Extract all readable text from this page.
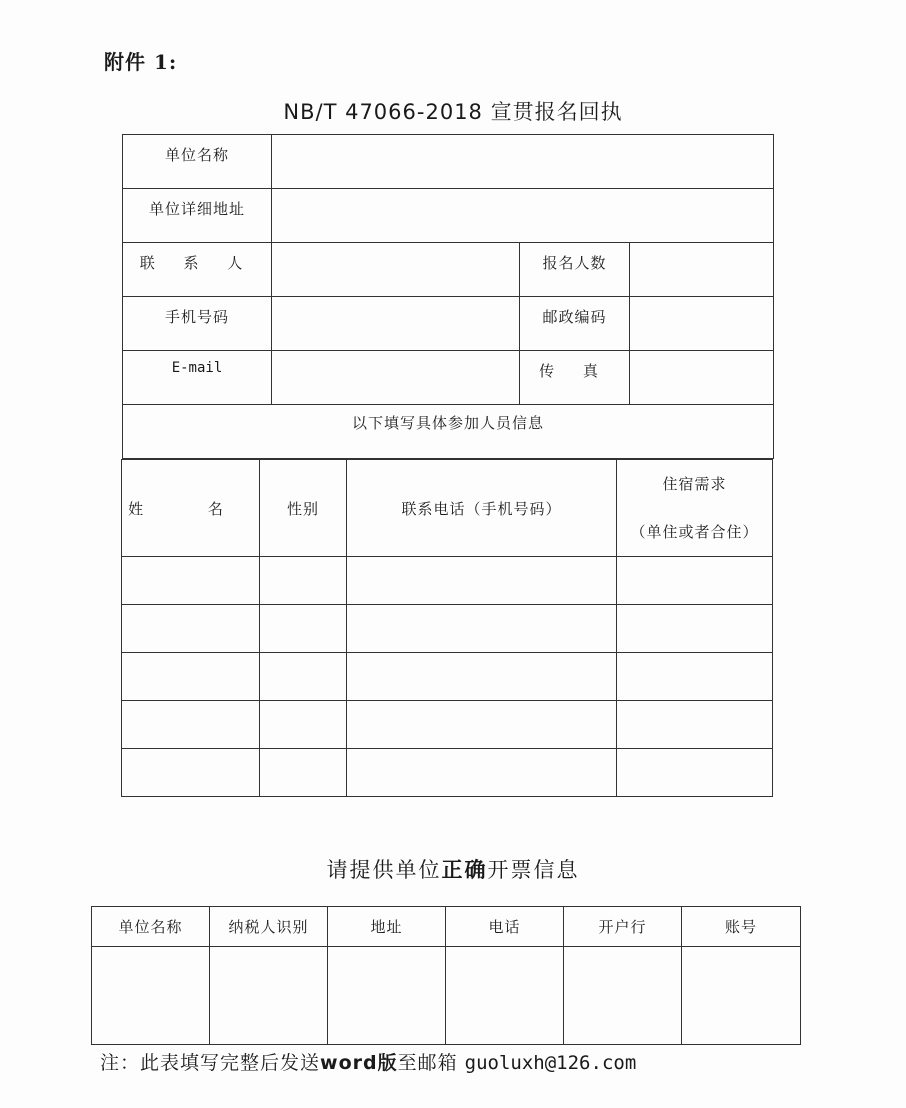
附件 1:
NB/T 47066-2018 宣贯报名回执
单位名称			
单位详细地址			
联 系 人		报名人数	
手机号码		邮政编码	
E-mail		传 真	
以下填写具体参加人员信息			
姓 名	性别	联系电话（手机号码）	住宿需求
（单住或者合住）

请提供单位正确开票信息
单位名称	纳税人识别	地址	电话	开户行	账号

注：此表填写完整后发送word版至邮箱 guoluxh@126.com
